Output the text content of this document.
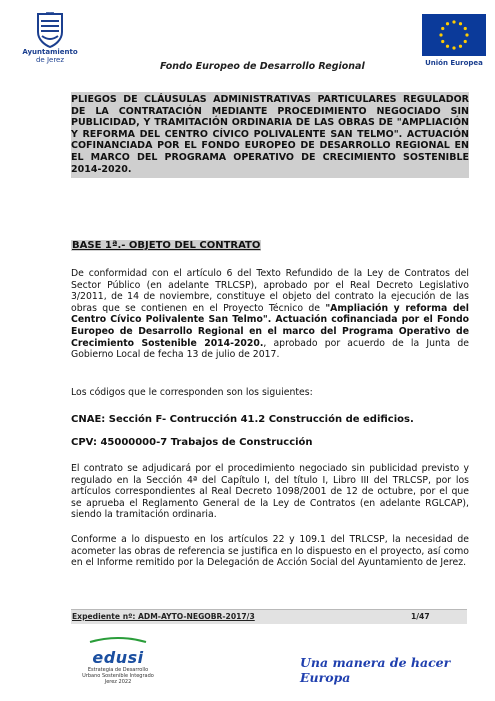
Ayuntamiento
de Jerez
Fondo Europeo de Desarrollo Regional	Unión Europea
PLIEGOS DE CLÁUSULAS ADMINISTRATIVAS PARTICULARES REGULADOR DE LA CONTRATACIÓN MEDIANTE PROCEDIMIENTO NEGOCIADO SIN PUBLICIDAD, Y TRAMITACIÓN ORDINARIA DE LAS OBRAS DE "AMPLIACIÓN Y REFORMA DEL CENTRO CÍVICO POLIVALENTE SAN TELMO". ACTUACIÓN COFINANCIADA POR EL FONDO EUROPEO DE DESARROLLO REGIONAL EN EL MARCO DEL PROGRAMA OPERATIVO DE CRECIMIENTO SOSTENIBLE 2014-2020.
BASE 1ª.- OBJETO DEL CONTRATO

De conformidad con el artículo 6 del Texto Refundido de la Ley de Contratos del Sector Público (en adelante TRLCSP), aprobado por el Real Decreto Legislativo 3/2011, de 14 de noviembre, constituye el objeto del contrato la ejecución de las obras que se contienen en el Proyecto Técnico de "Ampliación y reforma del Centro Cívico Polivalente San Telmo". Actuación cofinanciada por el Fondo Europeo de Desarrollo Regional en el marco del Programa Operativo de Crecimiento Sostenible 2014-2020., aprobado por acuerdo de la Junta de Gobierno Local de fecha 13 de julio de 2017.

Los códigos que le corresponden son los siguientes:

CNAE: Sección F- Contrucción 41.2 Construcción de edificios.
CPV: 45000000-7 Trabajos de Construcción

El contrato se adjudicará por el procedimiento negociado sin publicidad previsto y regulado en la Sección 4ª del Capítulo I, del título I, Libro III del TRLCSP, por los artículos correspondientes al Real Decreto 1098/2001 de 12 de octubre, por el que se aprueba el Reglamento General de la Ley de Contratos (en adelante RGLCAP), siendo la tramitación ordinaria.

Conforme a lo dispuesto en los artículos 22 y 109.1 del TRLCSP, la necesidad de acometer las obras de referencia se justifica en lo dispuesto en el proyecto, así como en el Informe remitido por la Delegación de Acción Social del Ayuntamiento de Jerez.

Expediente nº: ADM-AYTO-NEGOBR-2017/3	1/47
edusi
Estrategia de Desarrollo
Urbano Sostenible Integrado
Jerez 2022
Una manera de hacer Europa
